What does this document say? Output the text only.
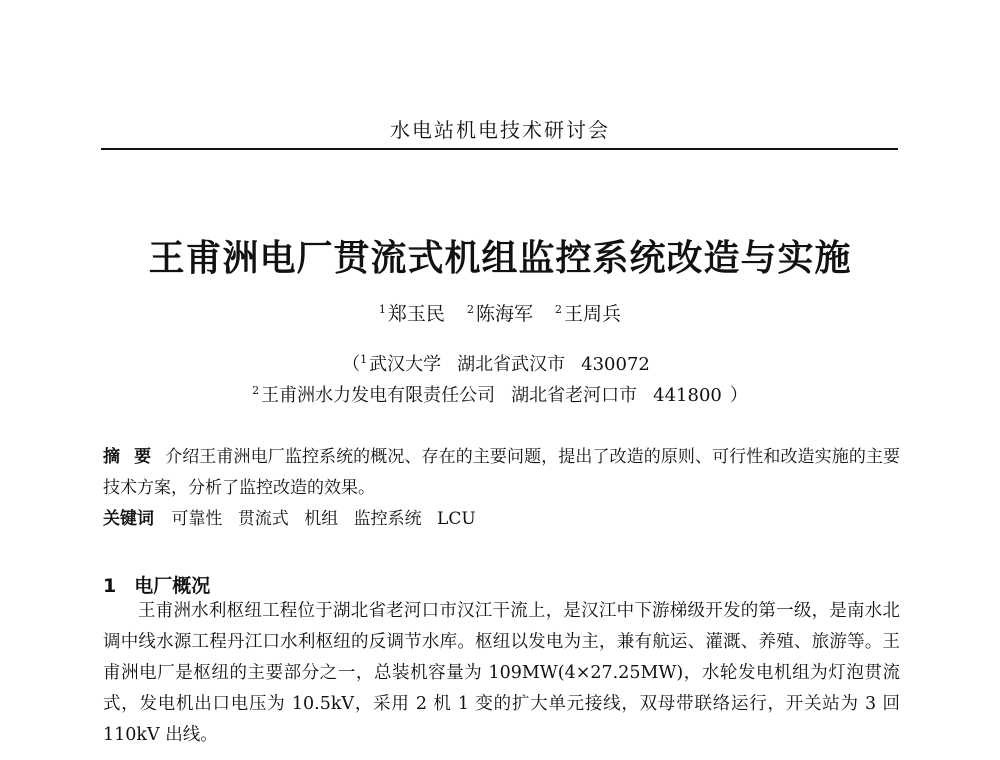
水电站机电技术研讨会
王甫洲电厂贯流式机组监控系统改造与实施
$^1$ 郑玉民 $^2$ 陈海军 $^2$ 王周兵
（$^1$ 武汉大学 湖北省武汉市 430072
$^2$ 王甫洲水力发电有限责任公司 湖北省老河口市 441800 ）
摘要介绍王甫洲电厂监控系统的概况、存在的主要问题，提出了改造的原则、可行性和改造实施的主要技术方案，分析了监控改造的效果。
关键词 可靠性 贯流式 机组 监控系统 LCU
1 电厂概况
王甫洲水利枢纽工程位于湖北省老河口市汉江干流上，是汉江中下游梯级开发的第一级，是南水北调中线水源工程丹江口水利枢纽的反调节水库。枢纽以发电为主，兼有航运、灌溉、养殖、旅游等。王甫洲电厂是枢纽的主要部分之一，总装机容量为 109MW(4×27.25MW)，水轮发电机组为灯泡贯流式，发电机出口电压为 10.5kV，采用 2 机 1 变的扩大单元接线，双母带联络运行，开关站为 3 回 110kV 出线。
